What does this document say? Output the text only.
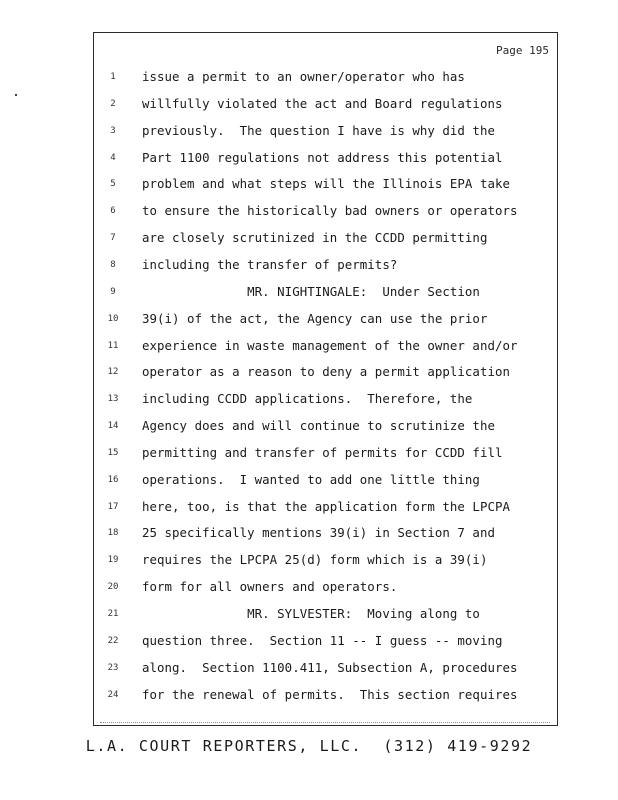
Page 195
1	issue a permit to an owner/operator who has
2	willfully violated the act and Board regulations
3	previously.  The question I have is why did the
4	Part 1100 regulations not address this potential
5	problem and what steps will the Illinois EPA take
6	to ensure the historically bad owners or operators
7	are closely scrutinized in the CCDD permitting
8	including the transfer of permits?
9	MR. NIGHTINGALE:  Under Section
10	39(i) of the act, the Agency can use the prior
11	experience in waste management of the owner and/or
12	operator as a reason to deny a permit application
13	including CCDD applications.  Therefore, the
14	Agency does and will continue to scrutinize the
15	permitting and transfer of permits for CCDD fill
16	operations.  I wanted to add one little thing
17	here, too, is that the application form the LPCPA
18	25 specifically mentions 39(i) in Section 7 and
19	requires the LPCPA 25(d) form which is a 39(i)
20	form for all owners and operators.
21	MR. SYLVESTER:  Moving along to
22	question three.  Section 11 -- I guess -- moving
23	along.  Section 1100.411, Subsection A, procedures
24	for the renewal of permits.  This section requires
L.A. COURT REPORTERS, LLC.  (312) 419-9292
